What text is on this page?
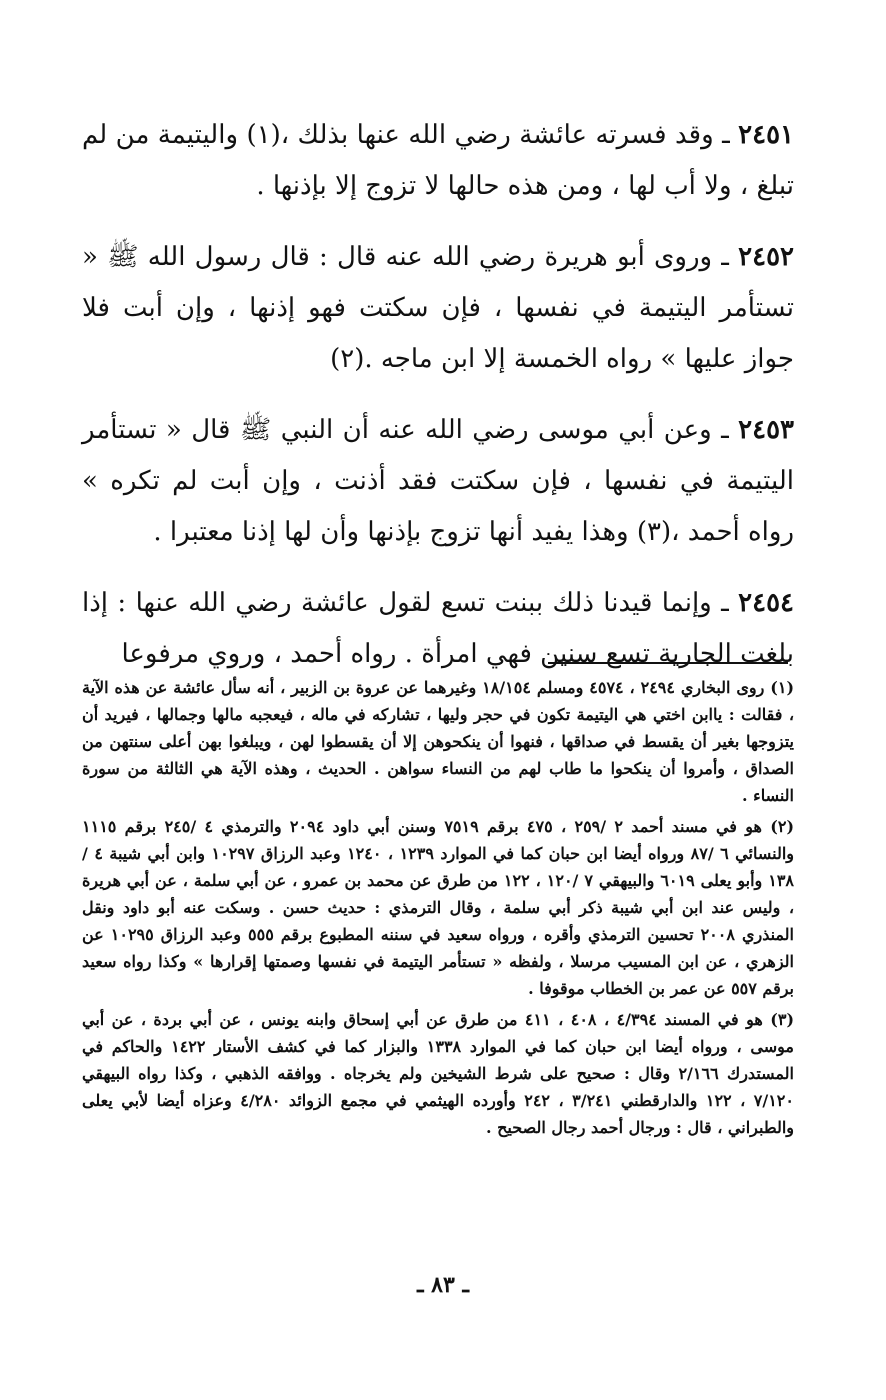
٢٤٥١ ـ وقد فسرته عائشة رضي الله عنها بذلك ،(١) واليتيمة من لم تبلغ ، ولا أب لها ، ومن هذه حالها لا تزوج إلا بإذنها .

٢٤٥٢ ـ وروى أبو هريرة رضي الله عنه قال : قال رسول الله ﷺ « تستأمر اليتيمة في نفسها ، فإن سكتت فهو إذنها ، وإن أبت فلا جواز عليها » رواه الخمسة إلا ابن ماجه .(٢)

٢٤٥٣ ـ وعن أبي موسى رضي الله عنه أن النبي ﷺ قال « تستأمر اليتيمة في نفسها ، فإن سكتت فقد أذنت ، وإن أبت لم تكره » رواه أحمد ،(٣) وهذا يفيد أنها تزوج بإذنها وأن لها إذنا معتبرا .

٢٤٥٤ ـ وإنما قيدنا ذلك ببنت تسع لقول عائشة رضي الله عنها : إذا بلغت الجارية تسع سنين فهي امرأة . رواه أحمد ، وروي مرفوعا

(١) روى البخاري ٢٤٩٤ ، ٤٥٧٤ ومسلم ١٨/١٥٤ وغيرهما عن عروة بن الزبير ، أنه سأل عائشة عن هذه الآية ، فقالت : ياابن اختي هي اليتيمة تكون في حجر وليها ، تشاركه في ماله ، فيعجبه مالها وجمالها ، فيريد أن يتزوجها بغير أن يقسط في صداقها ، فنهوا أن ينكحوهن إلا أن يقسطوا لهن ، ويبلغوا بهن أعلى سنتهن من الصداق ، وأمروا أن ينكحوا ما طاب لهم من النساء سواهن . الحديث ، وهذه الآية هي الثالثة من سورة النساء .

(٢) هو في مسند أحمد ٢ /٢٥٩ ، ٤٧٥ برقم ٧٥١٩ وسنن أبي داود ٢٠٩٤ والترمذي ٤ /٢٤٥ برقم ١١١٥ والنسائي ٦ /٨٧ ورواه أيضا ابن حبان كما في الموارد ١٢٣٩ ، ١٢٤٠ وعبد الرزاق ١٠٢٩٧ وابن أبي شيبة ٤ /١٣٨ وأبو يعلى ٦٠١٩ والبيهقي ٧ /١٢٠ ، ١٢٢ من طرق عن محمد بن عمرو ، عن أبي سلمة ، عن أبي هريرة ، وليس عند ابن أبي شيبة ذكر أبي سلمة ، وقال الترمذي : حديث حسن . وسكت عنه أبو داود ونقل المنذري ٢٠٠٨ تحسين الترمذي وأقره ، ورواه سعيد في سننه المطبوع برقم ٥٥٥ وعبد الرزاق ١٠٢٩٥ عن الزهري ، عن ابن المسيب مرسلا ، ولفظه « تستأمر اليتيمة في نفسها وصمتها إقرارها » وكذا رواه سعيد برقم ٥٥٧ عن عمر بن الخطاب موقوفا .

(٣) هو في المسند ٤/٣٩٤ ، ٤٠٨ ، ٤١١ من طرق عن أبي إسحاق وابنه يونس ، عن أبي بردة ، عن أبي موسى ، ورواه أيضا ابن حبان كما في الموارد ١٣٣٨ والبزار كما في كشف الأستار ١٤٢٢ والحاكم في المستدرك ٢/١٦٦ وقال : صحيح على شرط الشيخين ولم يخرجاه . ووافقه الذهبي ، وكذا رواه البيهقي ٧/١٢٠ ، ١٢٢ والدارقطني ٣/٢٤١ ، ٢٤٢ وأورده الهيثمي في مجمع الزوائد ٤/٢٨٠ وعزاه أيضا لأبي يعلى والطبراني ، قال : ورجال أحمد رجال الصحيح .

ـ ٨٣ ـ
